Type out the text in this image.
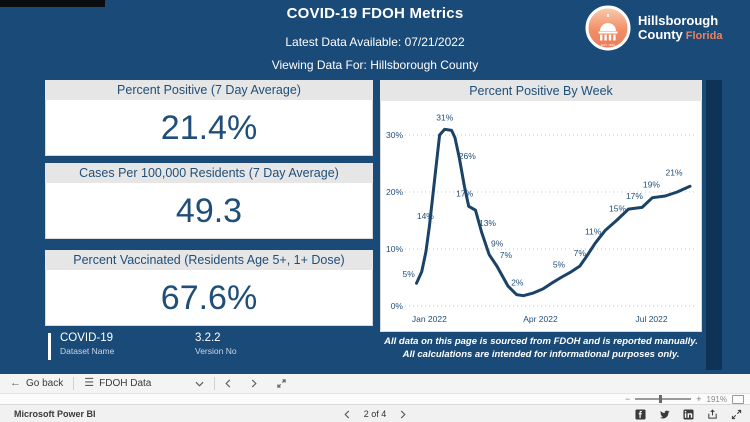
COVID-19 FDOH Metrics
Latest Data Available: 07/21/2022
Viewing Data For: Hillsborough County
EST. 1834
Hillsborough
County Florida
Percent Positive (7 Day Average)
21.4%
Cases Per 100,000 Residents (7 Day Average)
49.3
Percent Vaccinated (Residents Age 5+, 1+ Dose)
67.6%
COVID-19
Dataset Name
3.2.2
Version No
Percent Positive By Week
0%
10%
20%
30%
Jan 2022	Apr 2022	Jul 2022
5%
14%
31%
26%
17%
13%
9%
7%
2%
5%
7%
11%
15%
17%
19%
21%
All data on this page is sourced from FDOH and is reported manually.
All calculations are intended for informational purposes only.
← Go back ☰ FDOH Data
−	+ 191%
Microsoft Power BI	2 of 4
